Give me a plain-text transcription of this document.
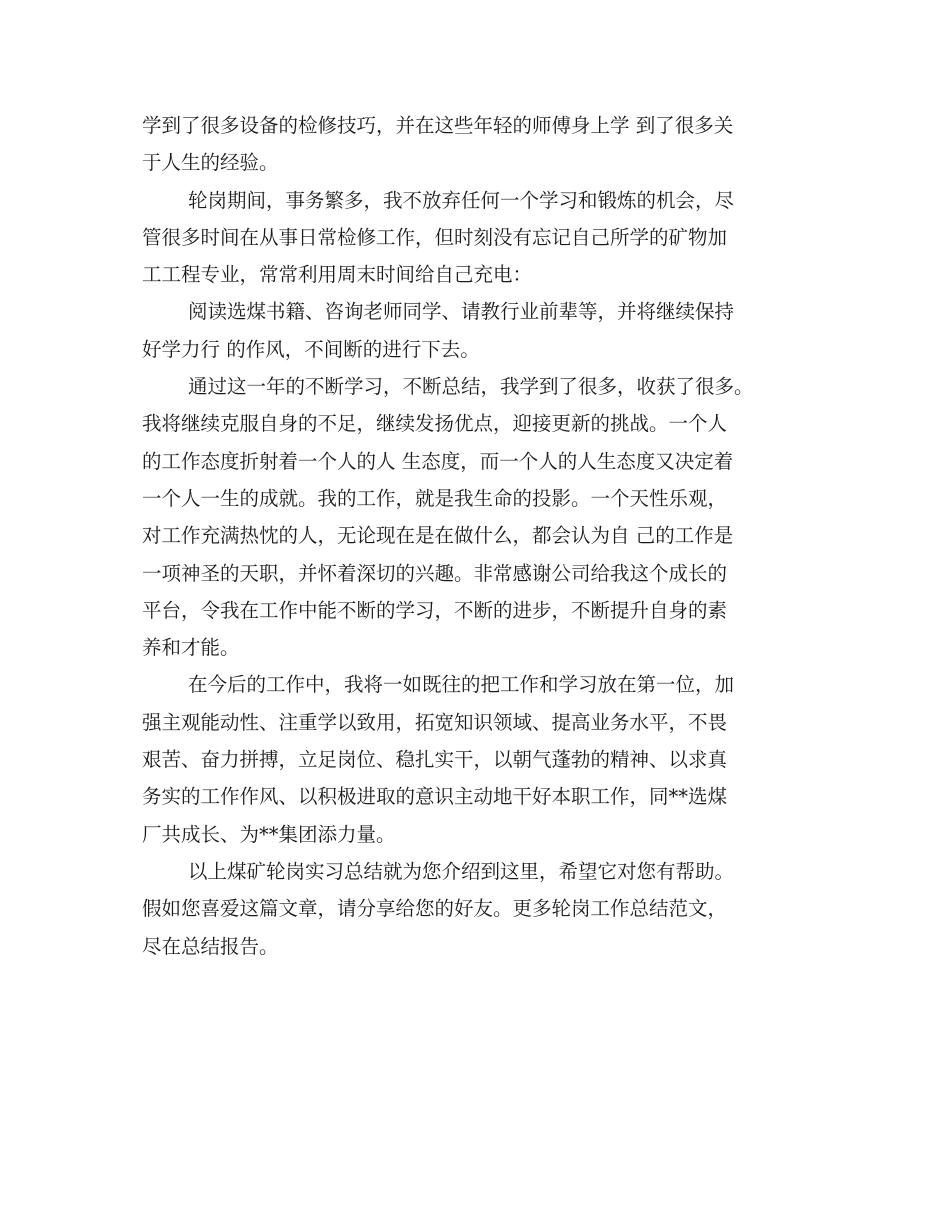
学到了很多设备的检修技巧，并在这些年轻的师傅身上学 到了很多关
于人生的经验。

轮岗期间，事务繁多，我不放弃任何一个学习和锻炼的机会，尽
管很多时间在从事日常检修工作，但时刻没有忘记自己所学的矿物加
工工程专业，常常利用周末时间给自己充电：

阅读选煤书籍、咨询老师同学、请教行业前辈等，并将继续保持
好学力行 的作风，不间断的进行下去。

通过这一年的不断学习，不断总结，我学到了很多，收获了很多。
我将继续克服自身的不足，继续发扬优点，迎接更新的挑战。一个人
的工作态度折射着一个人的人 生态度，而一个人的人生态度又决定着
一个人一生的成就。我的工作，就是我生命的投影。一个天性乐观，
对工作充满热忱的人，无论现在是在做什么，都会认为自 己的工作是
一项神圣的天职，并怀着深切的兴趣。非常感谢公司给我这个成长的
平台，令我在工作中能不断的学习，不断的进步，不断提升自身的素
养和才能。

在今后的工作中，我将一如既往的把工作和学习放在第一位，加
强主观能动性、注重学以致用，拓宽知识领域、提高业务水平，不畏
艰苦、奋力拼搏，立足岗位、稳扎实干，以朝气蓬勃的精神、以求真
务实的工作作风、以积极进取的意识主动地干好本职工作，同**选煤
厂共成长、为**集团添力量。

以上煤矿轮岗实习总结就为您介绍到这里，希望它对您有帮助。
假如您喜爱这篇文章，请分享给您的好友。更多轮岗工作总结范文，
尽在总结报告。
